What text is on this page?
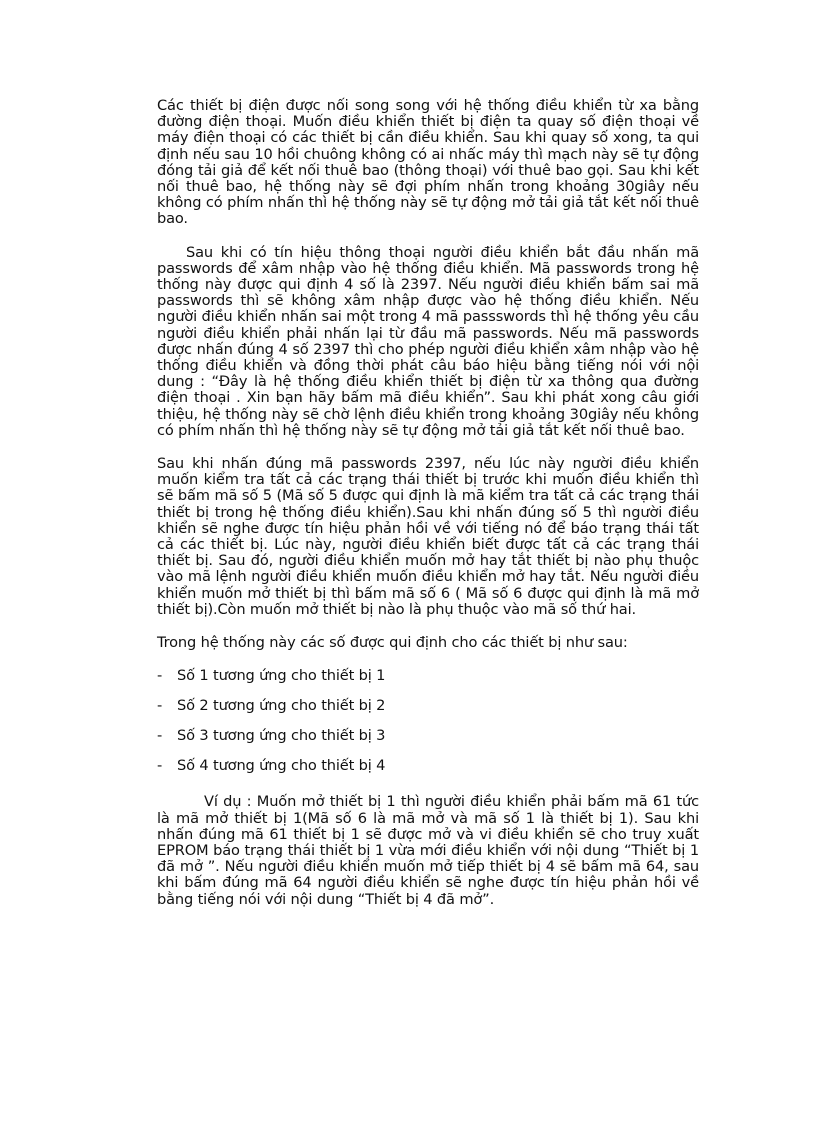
Các thiết bị điện được nối song song với hệ thống điều khiển từ xa bằng đường điện thoại. Muốn điều khiển thiết bị điện ta quay số điện thoại về máy điện thoại có các thiết bị cần điều khiển. Sau khi quay số xong, ta qui định nếu sau 10 hồi chuông không có ai nhấc máy thì mạch này sẽ tự động đóng tải giả để kết nối thuê bao (thông thoại) với thuê bao gọi. Sau khi kết nối thuê bao, hệ thống này sẽ đợi phím nhấn trong khoảng 30giây nếu không có phím nhấn thì hệ thống này sẽ tự động mở tải giả tắt kết nối thuê bao.

Sau khi có tín hiệu thông thoại người điều khiển bắt đầu nhấn mã passwords để xâm nhập vào hệ thống điều khiển. Mã passwords trong hệ thống này được qui định 4 số là 2397. Nếu người điều khiển bấm sai mã passwords thì sẽ không xâm nhập được vào hệ thống điều khiển. Nếu người điều khiển nhấn sai một trong 4 mã passswords thì hệ thống yêu cầu người điều khiển phải nhấn lại từ đầu mã passwords. Nếu mã passwords được nhấn đúng 4 số 2397 thì cho phép người điều khiển xâm nhập vào hệ thống điều khiển và đồng thời phát câu báo hiệu bằng tiếng nói với nội dung : “Đây là hệ thống điều khiển thiết bị điện từ xa thông qua đường điện thoại . Xin bạn hãy bấm mã điều khiển”. Sau khi phát xong câu giới thiệu, hệ thống này sẽ chờ lệnh điều khiển trong khoảng 30giây nếu không có phím nhấn thì hệ thống này sẽ tự động mở tải giả tắt kết nối thuê bao.

Sau khi nhấn đúng mã passwords 2397, nếu lúc này người điều khiển muốn kiểm tra tất cả các trạng thái thiết bị trước khi muốn điều khiển thì sẽ bấm mã số 5 (Mã số 5 được qui định là mã kiểm tra tất cả các trạng thái thiết bị trong hệ thống điều khiển).Sau khi nhấn đúng số 5 thì người điều khiển sẽ nghe được tín hiệu phản hồi về với tiếng nó để báo trạng thái tất cả các thiết bị. Lúc này, người điều khiển biết được tất cả các trạng thái thiết bị. Sau đó, người điều khiển muốn mở hay tắt thiết bị nào phụ thuộc vào mã lệnh người điều khiển muốn điều khiển mở hay tắt. Nếu người điều khiển muốn mở thiết bị thì bấm mã số 6 ( Mã số 6 được qui định là mã mở thiết bị).Còn muốn mở thiết bị nào là phụ thuộc vào mã số thứ hai.

Trong hệ thống này các số được qui định cho các thiết bị như sau:

-	Số 1 tương ứng cho thiết bị 1
-	Số 2 tương ứng cho thiết bị 2
-	Số 3 tương ứng cho thiết bị 3
-	Số 4 tương ứng cho thiết bị 4

Ví dụ : Muốn mở thiết bị 1 thì người điều khiển phải bấm mã 61 tức là mã mở thiết bị 1(Mã số 6 là mã mở và mã số 1 là thiết bị 1). Sau khi nhấn đúng mã 61 thiết bị 1 sẽ được mở và vi điều khiển sẽ cho truy xuất EPROM báo trạng thái thiết bị 1 vừa mới điều khiển với nội dung “Thiết bị 1 đã mở ”. Nếu người điều khiển muốn mở tiếp thiết bị 4 sẽ bấm mã 64, sau khi bấm đúng mã 64 người điều khiển sẽ nghe được tín hiệu phản hồi về bằng tiếng nói với nội dung “Thiết bị 4 đã mở”.
